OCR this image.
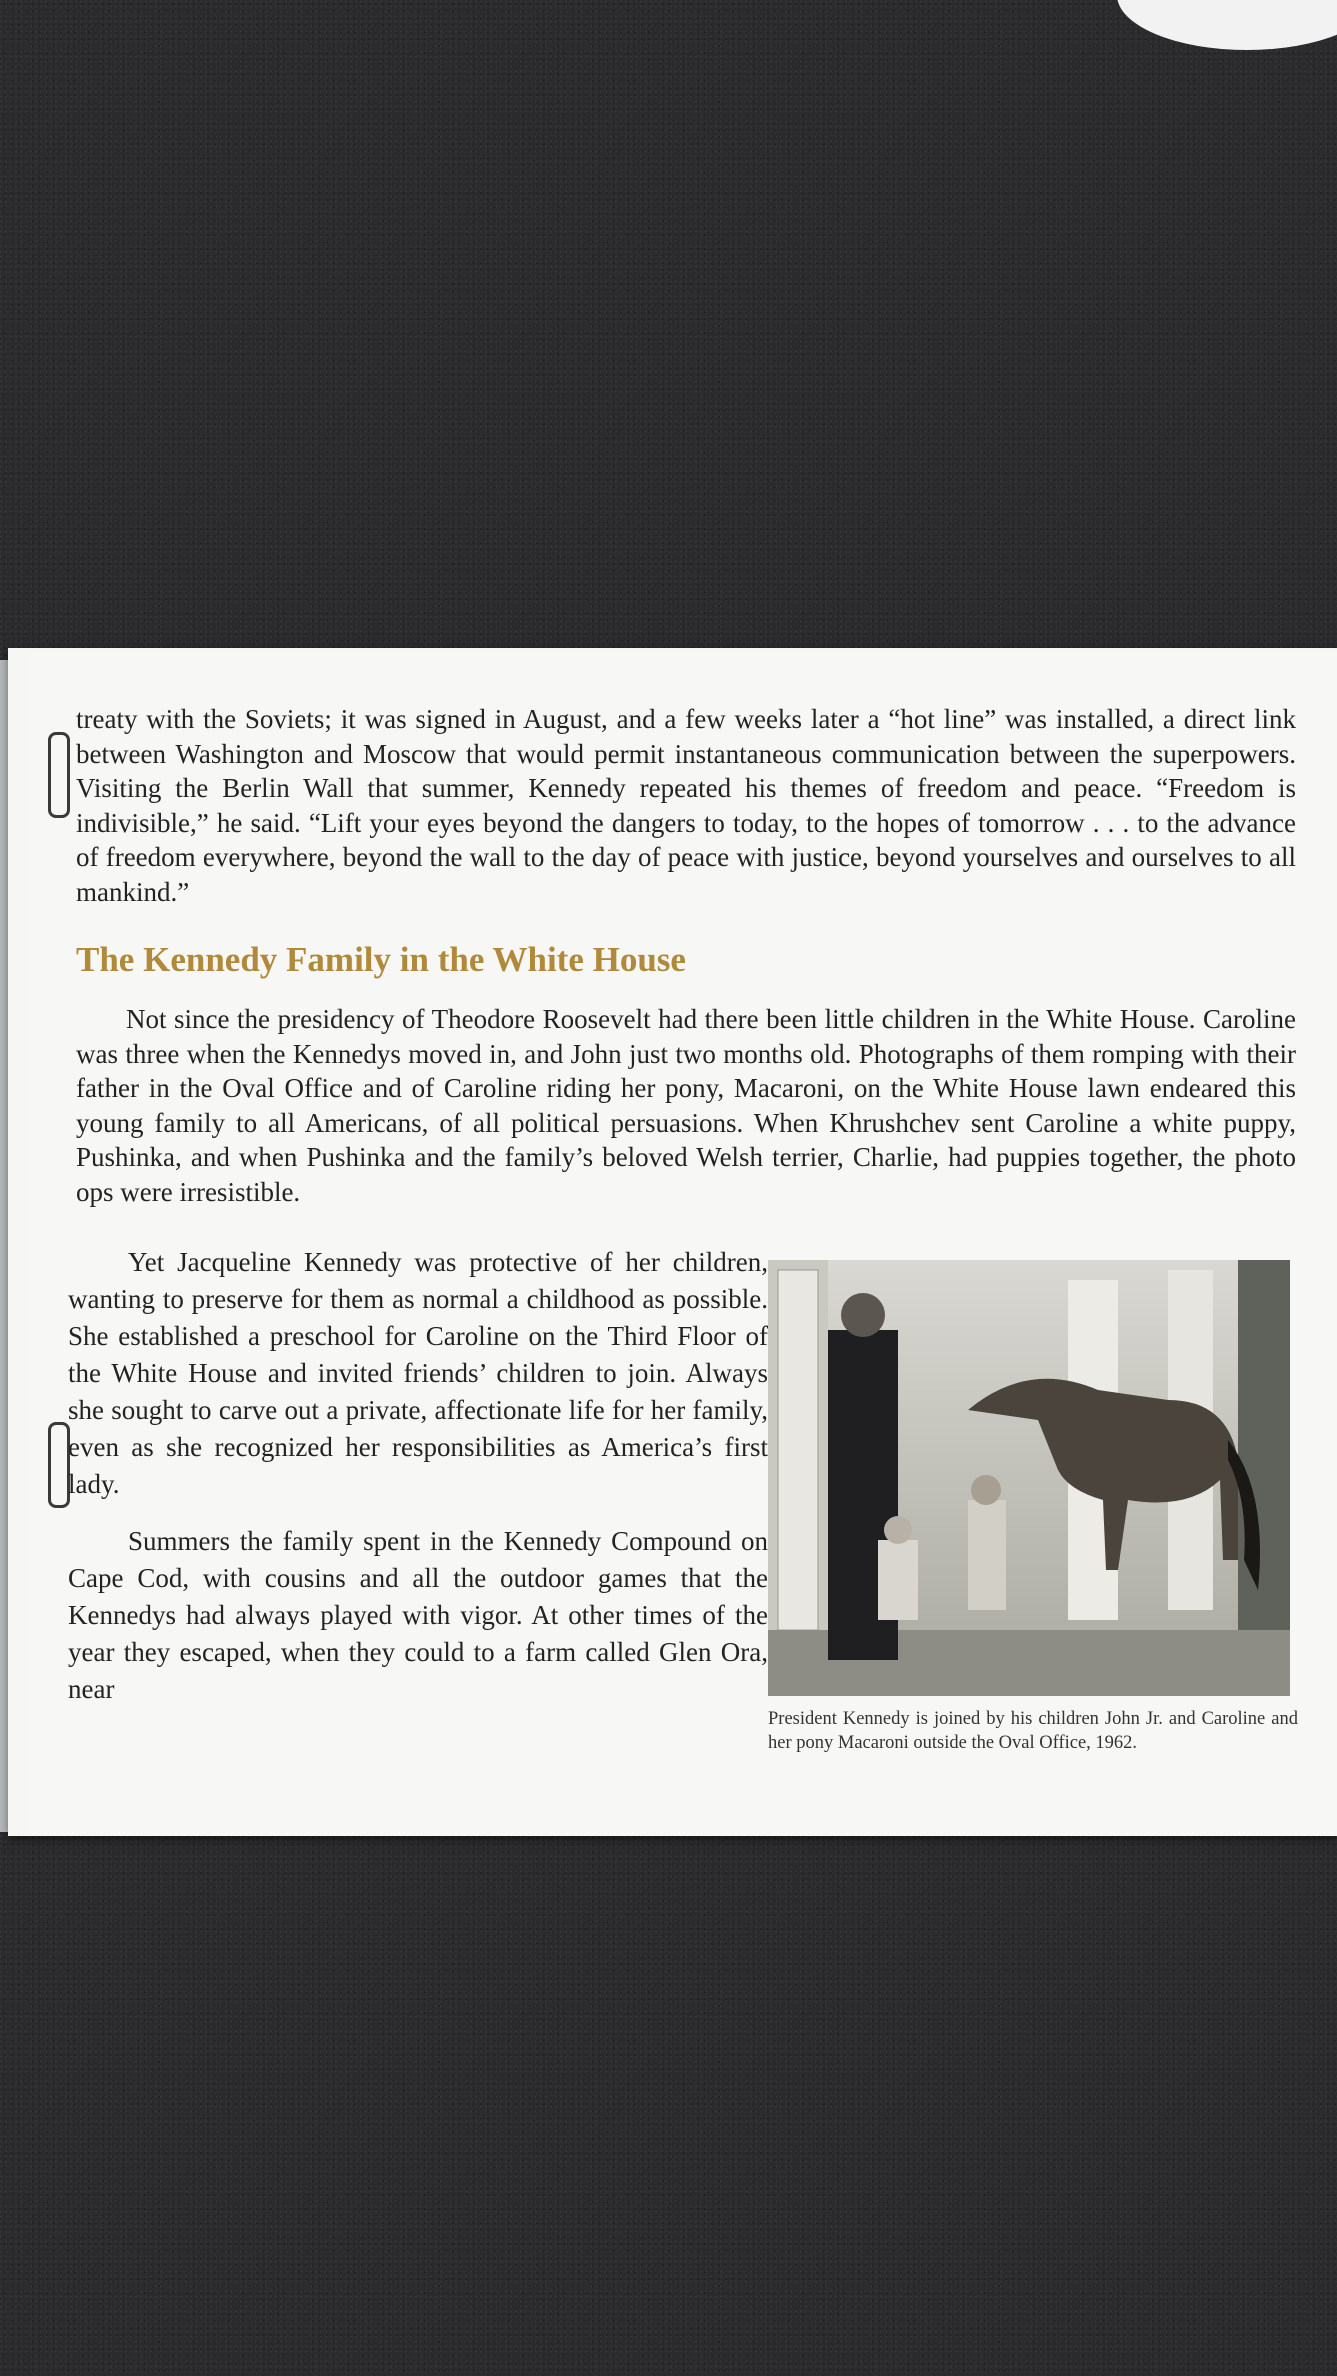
treaty with the Soviets; it was signed in August, and a few weeks later a “hot line” was installed, a direct link between Washington and Moscow that would permit instantaneous communication between the superpowers. Visiting the Berlin Wall that summer, Kennedy repeated his themes of freedom and peace. “Freedom is indivisible,” he said. “Lift your eyes beyond the dangers to today, to the hopes of tomorrow . . . to the advance of freedom everywhere, beyond the wall to the day of peace with justice, beyond yourselves and ourselves to all mankind.”

The Kennedy Family in the White House

Not since the presidency of Theodore Roosevelt had there been little children in the White House. Caroline was three when the Kennedys moved in, and John just two months old. Photographs of them romping with their father in the Oval Office and of Caroline riding her pony, Macaroni, on the White House lawn endeared this young family to all Americans, of all political persuasions. When Khrushchev sent Caroline a white puppy, Pushinka, and when Pushinka and the family’s beloved Welsh terrier, Charlie, had puppies together, the photo ops were irresistible.

Yet Jacqueline Kennedy was protective of her children, wanting to preserve for them as normal a childhood as possible. She established a preschool for Caroline on the Third Floor of the White House and invited friends’ children to join. Always she sought to carve out a private, affectionate life for her family, even as she recognized her responsibilities as America’s first lady.

Summers the family spent in the Kennedy Compound on Cape Cod, with cousins and all the outdoor games that the Kennedys had always played with vigor. At other times of the year they escaped, when they could to a farm called Glen Ora, near

President Kennedy is joined by his children John Jr. and Caroline and her pony Macaroni outside the Oval Office, 1962.
